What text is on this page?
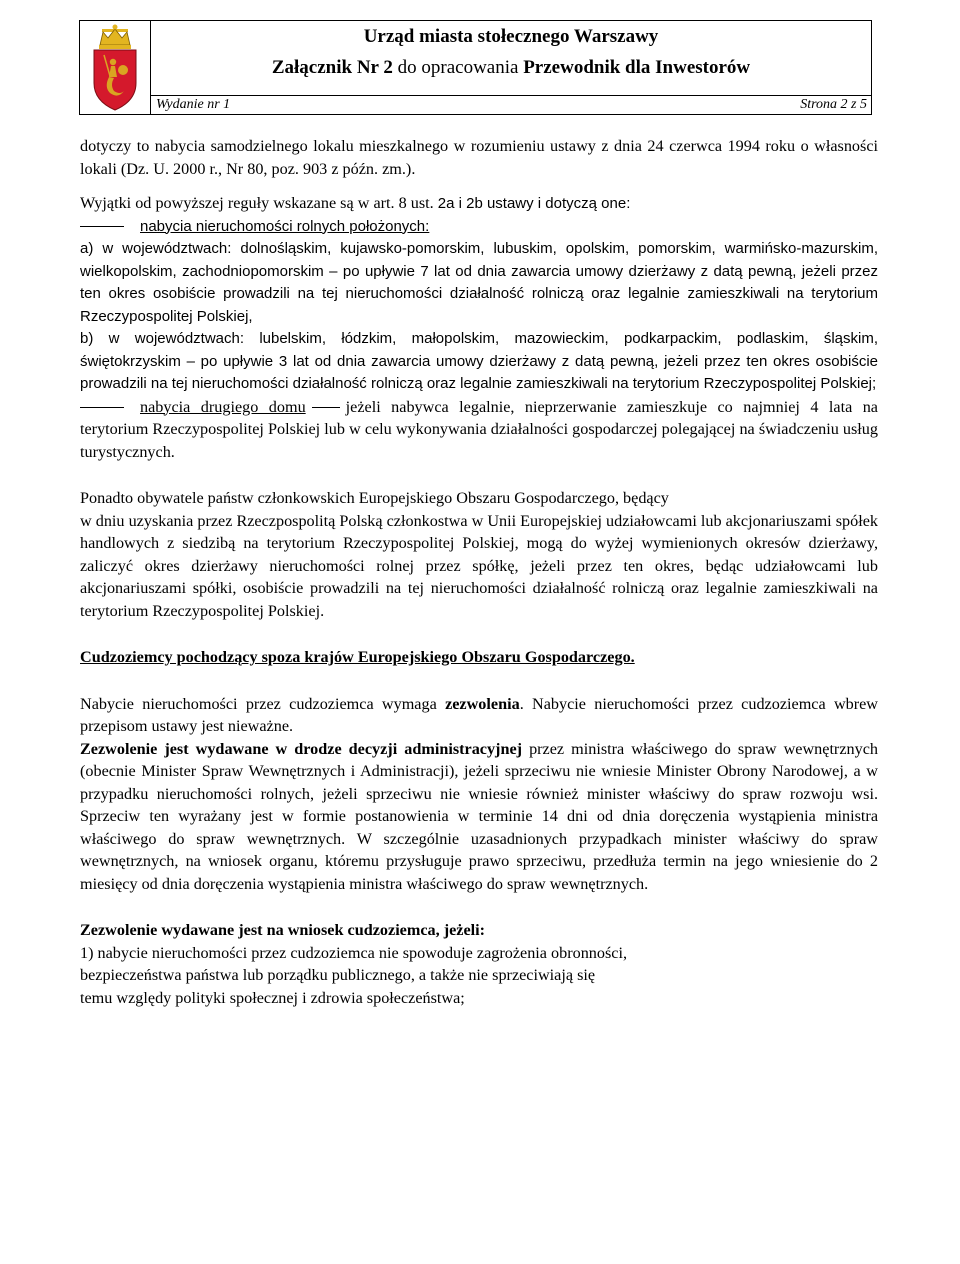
Urząd miasta stołecznego Warszawy
Załącznik Nr 2 do opracowania Przewodnik dla Inwestorów
Wydanie nr 1	Strona 2 z 5

dotyczy to nabycia samodzielnego lokalu mieszkalnego w rozumieniu ustawy z dnia 24 czerwca 1994 roku o własności lokali (Dz. U. 2000 r., Nr 80, poz. 903 z późn. zm.).

Wyjątki od powyższej reguły wskazane są w art. 8 ust. 2a i 2b ustawy i dotyczą one:

nabycia nieruchomości rolnych położonych:

a) w województwach: dolnośląskim, kujawsko-pomorskim, lubuskim, opolskim, pomorskim, warmińsko-mazurskim, wielkopolskim, zachodniopomorskim – po upływie 7 lat od dnia zawarcia umowy dzierżawy z datą pewną, jeżeli przez ten okres osobiście prowadzili na tej nieruchomości działalność rolniczą oraz legalnie zamieszkiwali na terytorium Rzeczypospolitej Polskiej,

b) w województwach: lubelskim, łódzkim, małopolskim, mazowieckim, podkarpackim, podlaskim, śląskim, świętokrzyskim – po upływie 3 lat od dnia zawarcia umowy dzierżawy z datą pewną, jeżeli przez ten okres osobiście prowadzili na tej nieruchomości działalność rolniczą oraz legalnie zamieszkiwali na terytorium Rzeczypospolitej Polskiej;

nabycia drugiego domu jeżeli nabywca legalnie, nieprzerwanie zamieszkuje co najmniej 4 lata na terytorium Rzeczypospolitej Polskiej lub w celu wykonywania działalności gospodarczej polegającej na świadczeniu usług turystycznych.

Ponadto obywatele państw członkowskich Europejskiego Obszaru Gospodarczego, będący

w dniu uzyskania przez Rzeczpospolitą Polską członkostwa w Unii Europejskiej udziałowcami lub akcjonariuszami spółek handlowych z siedzibą na terytorium Rzeczypospolitej Polskiej, mogą do wyżej wymienionych okresów dzierżawy, zaliczyć okres dzierżawy nieruchomości rolnej przez spółkę, jeżeli przez ten okres, będąc udziałowcami lub akcjonariuszami spółki, osobiście prowadzili na tej nieruchomości działalność rolniczą oraz legalnie zamieszkiwali na terytorium Rzeczypospolitej Polskiej.

Cudzoziemcy pochodzący spoza krajów Europejskiego Obszaru Gospodarczego.

Nabycie nieruchomości przez cudzoziemca wymaga zezwolenia. Nabycie nieruchomości przez cudzoziemca wbrew przepisom ustawy jest nieważne.

Zezwolenie jest wydawane w drodze decyzji administracyjnej przez ministra właściwego do spraw wewnętrznych (obecnie Minister Spraw Wewnętrznych i Administracji), jeżeli sprzeciwu nie wniesie Minister Obrony Narodowej, a w przypadku nieruchomości rolnych, jeżeli sprzeciwu nie wniesie również minister właściwy do spraw rozwoju wsi. Sprzeciw ten wyrażany jest w formie postanowienia w terminie 14 dni od dnia doręczenia wystąpienia ministra właściwego do spraw wewnętrznych. W szczególnie uzasadnionych przypadkach minister właściwy do spraw wewnętrznych, na wniosek organu, któremu przysługuje prawo sprzeciwu, przedłuża termin na jego wniesienie do 2 miesięcy od dnia doręczenia wystąpienia ministra właściwego do spraw wewnętrznych.

Zezwolenie wydawane jest na wniosek cudzoziemca, jeżeli:

1) nabycie nieruchomości przez cudzoziemca nie spowoduje zagrożenia obronności,

bezpieczeństwa państwa lub porządku publicznego, a także nie sprzeciwiają się

temu względy polityki społecznej i zdrowia społeczeństwa;
